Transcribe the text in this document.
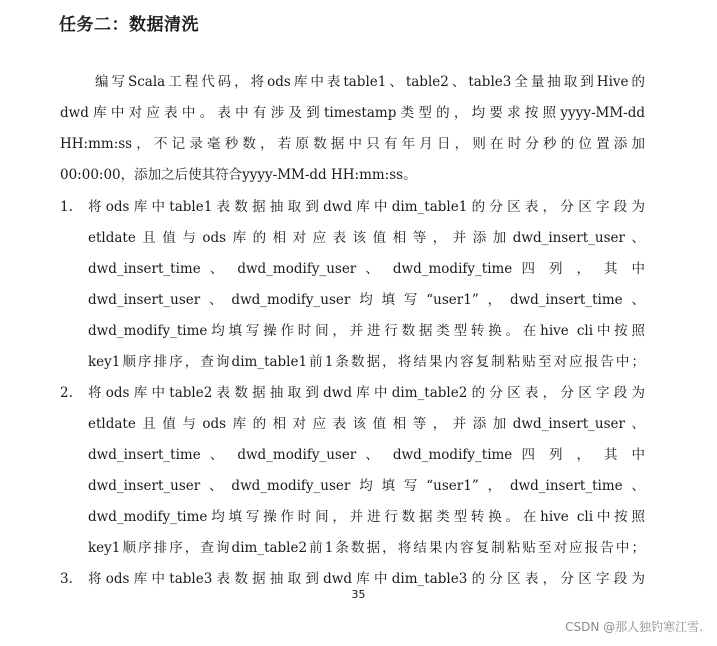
任务二：数据清洗
编写Scala工程代码，将ods库中表table1、table2、table3全量抽取到Hive的
dwd库中对应表中。表中有涉及到timestamp类型的，均要求按照yyyy-MM-dd
HH:mm:ss，不记录毫秒数，若原数据中只有年月日，则在时分秒的位置添加
00:00:00，添加之后使其符合yyyy-MM-dd HH:mm:ss。
1. 将ods库中table1表数据抽取到dwd库中dim_table1的分区表，分区字段为
etldate且值与ods库的相对应表该值相等，并添加dwd_insert_user、
dwd_insert_time 、 dwd_modify_user 、 dwd_modify_time 四 列 ， 其 中
dwd_insert_user、dwd_modify_user均填写“user1”，dwd_insert_time、
dwd_modify_time均填写操作时间，并进行数据类型转换。在hive cli中按照
key1顺序排序，查询dim_table1前1条数据，将结果内容复制粘贴至对应报告中；
2. 将ods库中table2表数据抽取到dwd库中dim_table2的分区表，分区字段为
etldate且值与ods库的相对应表该值相等，并添加dwd_insert_user、
dwd_insert_time 、 dwd_modify_user 、 dwd_modify_time 四 列 ， 其 中
dwd_insert_user、dwd_modify_user均填写“user1”，dwd_insert_time、
dwd_modify_time均填写操作时间，并进行数据类型转换。在hive cli中按照
key1顺序排序，查询dim_table2前1条数据，将结果内容复制粘贴至对应报告中；
3. 将ods库中table3表数据抽取到dwd库中dim_table3的分区表，分区字段为
35
CSDN @那人独钓寒江雪.
